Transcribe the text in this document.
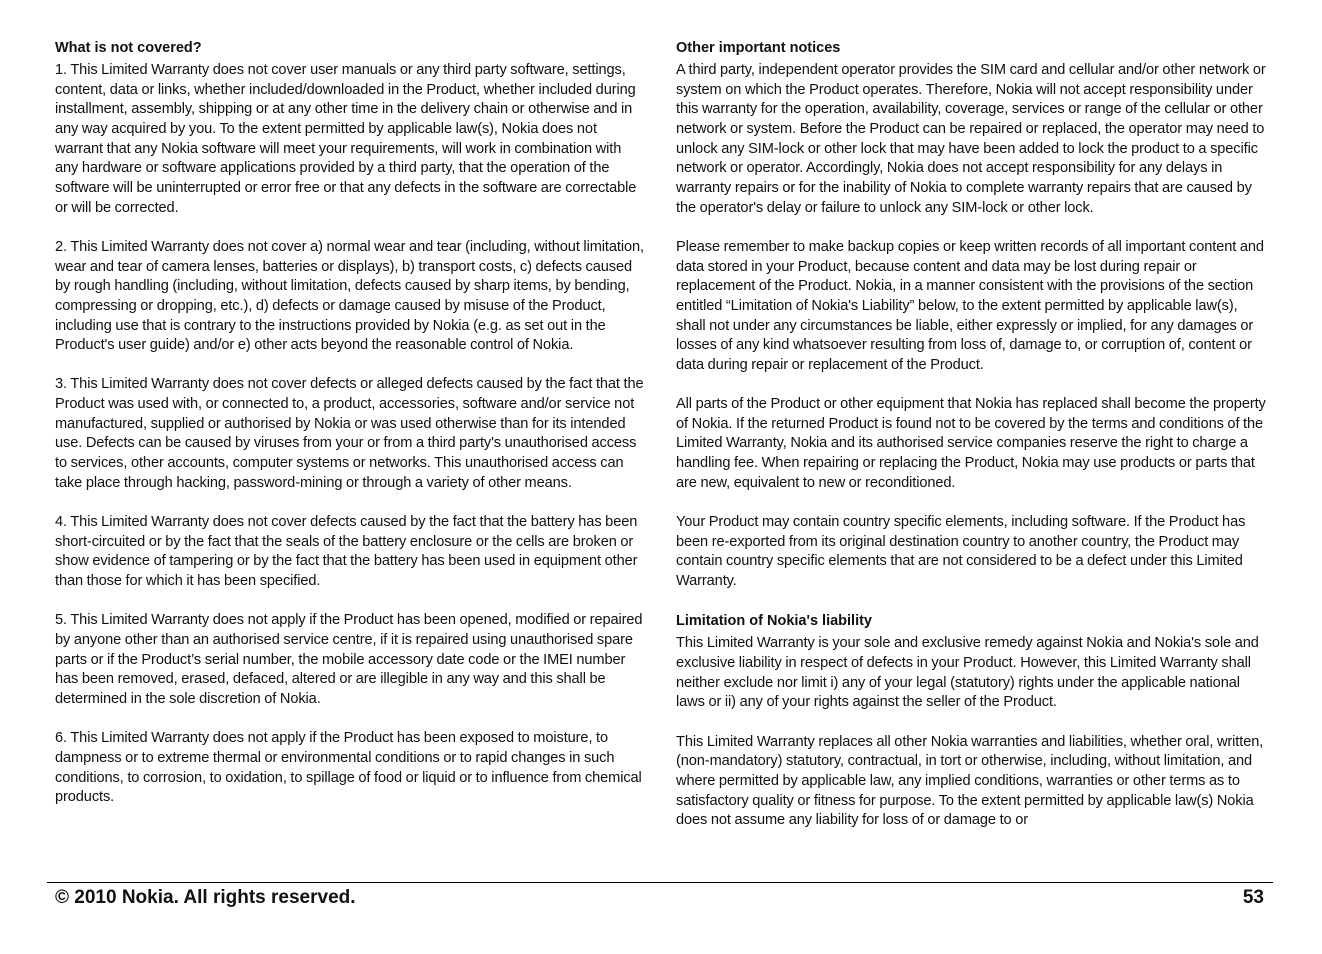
What is not covered?

1. This Limited Warranty does not cover user manuals or any third party software, settings, content, data or links, whether included/downloaded in the Product, whether included during installment, assembly, shipping or at any other time in the delivery chain or otherwise and in any way acquired by you. To the extent permitted by applicable law(s), Nokia does not warrant that any Nokia software will meet your requirements, will work in combination with any hardware or software applications provided by a third party, that the operation of the software will be uninterrupted or error free or that any defects in the software are correctable or will be corrected.

2. This Limited Warranty does not cover a) normal wear and tear (including, without limitation, wear and tear of camera lenses, batteries or displays), b) transport costs, c) defects caused by rough handling (including, without limitation, defects caused by sharp items, by bending, compressing or dropping, etc.), d) defects or damage caused by misuse of the Product, including use that is contrary to the instructions provided by Nokia (e.g. as set out in the Product's user guide) and/or e) other acts beyond the reasonable control of Nokia.

3. This Limited Warranty does not cover defects or alleged defects caused by the fact that the Product was used with, or connected to, a product, accessories, software and/or service not manufactured, supplied or authorised by Nokia or was used otherwise than for its intended use. Defects can be caused by viruses from your or from a third party's unauthorised access to services, other accounts, computer systems or networks. This unauthorised access can take place through hacking, password-mining or through a variety of other means.

4. This Limited Warranty does not cover defects caused by the fact that the battery has been short-circuited or by the fact that the seals of the battery enclosure or the cells are broken or show evidence of tampering or by the fact that the battery has been used in equipment other than those for which it has been specified.

5. This Limited Warranty does not apply if the Product has been opened, modified or repaired by anyone other than an authorised service centre, if it is repaired using unauthorised spare parts or if the Product’s serial number, the mobile accessory date code or the IMEI number has been removed, erased, defaced, altered or are illegible in any way and this shall be determined in the sole discretion of Nokia.

6. This Limited Warranty does not apply if the Product has been exposed to moisture, to dampness or to extreme thermal or environmental conditions or to rapid changes in such conditions, to corrosion, to oxidation, to spillage of food or liquid or to influence from chemical products.

Other important notices

A third party, independent operator provides the SIM card and cellular and/or other network or system on which the Product operates. Therefore, Nokia will not accept responsibility under this warranty for the operation, availability, coverage, services or range of the cellular or other network or system. Before the Product can be repaired or replaced, the operator may need to unlock any SIM-lock or other lock that may have been added to lock the product to a specific network or operator. Accordingly, Nokia does not accept responsibility for any delays in warranty repairs or for the inability of Nokia to complete warranty repairs that are caused by the operator's delay or failure to unlock any SIM-lock or other lock.

Please remember to make backup copies or keep written records of all important content and data stored in your Product, because content and data may be lost during repair or replacement of the Product. Nokia, in a manner consistent with the provisions of the section entitled “Limitation of Nokia's Liability” below, to the extent permitted by applicable law(s), shall not under any circumstances be liable, either expressly or implied, for any damages or losses of any kind whatsoever resulting from loss of, damage to, or corruption of, content or data during repair or replacement of the Product.

All parts of the Product or other equipment that Nokia has replaced shall become the property of Nokia. If the returned Product is found not to be covered by the terms and conditions of the Limited Warranty, Nokia and its authorised service companies reserve the right to charge a handling fee. When repairing or replacing the Product, Nokia may use products or parts that are new, equivalent to new or reconditioned.

Your Product may contain country specific elements, including software. If the Product has been re-exported from its original destination country to another country, the Product may contain country specific elements that are not considered to be a defect under this Limited Warranty.

Limitation of Nokia's liability

This Limited Warranty is your sole and exclusive remedy against Nokia and Nokia's sole and exclusive liability in respect of defects in your Product. However, this Limited Warranty shall neither exclude nor limit i) any of your legal (statutory) rights under the applicable national laws or ii) any of your rights against the seller of the Product.

This Limited Warranty replaces all other Nokia warranties and liabilities, whether oral, written, (non-mandatory) statutory, contractual, in tort or otherwise, including, without limitation, and where permitted by applicable law, any implied conditions, warranties or other terms as to satisfactory quality or fitness for purpose. To the extent permitted by applicable law(s) Nokia does not assume any liability for loss of or damage to or

© 2010 Nokia. All rights reserved.	53
